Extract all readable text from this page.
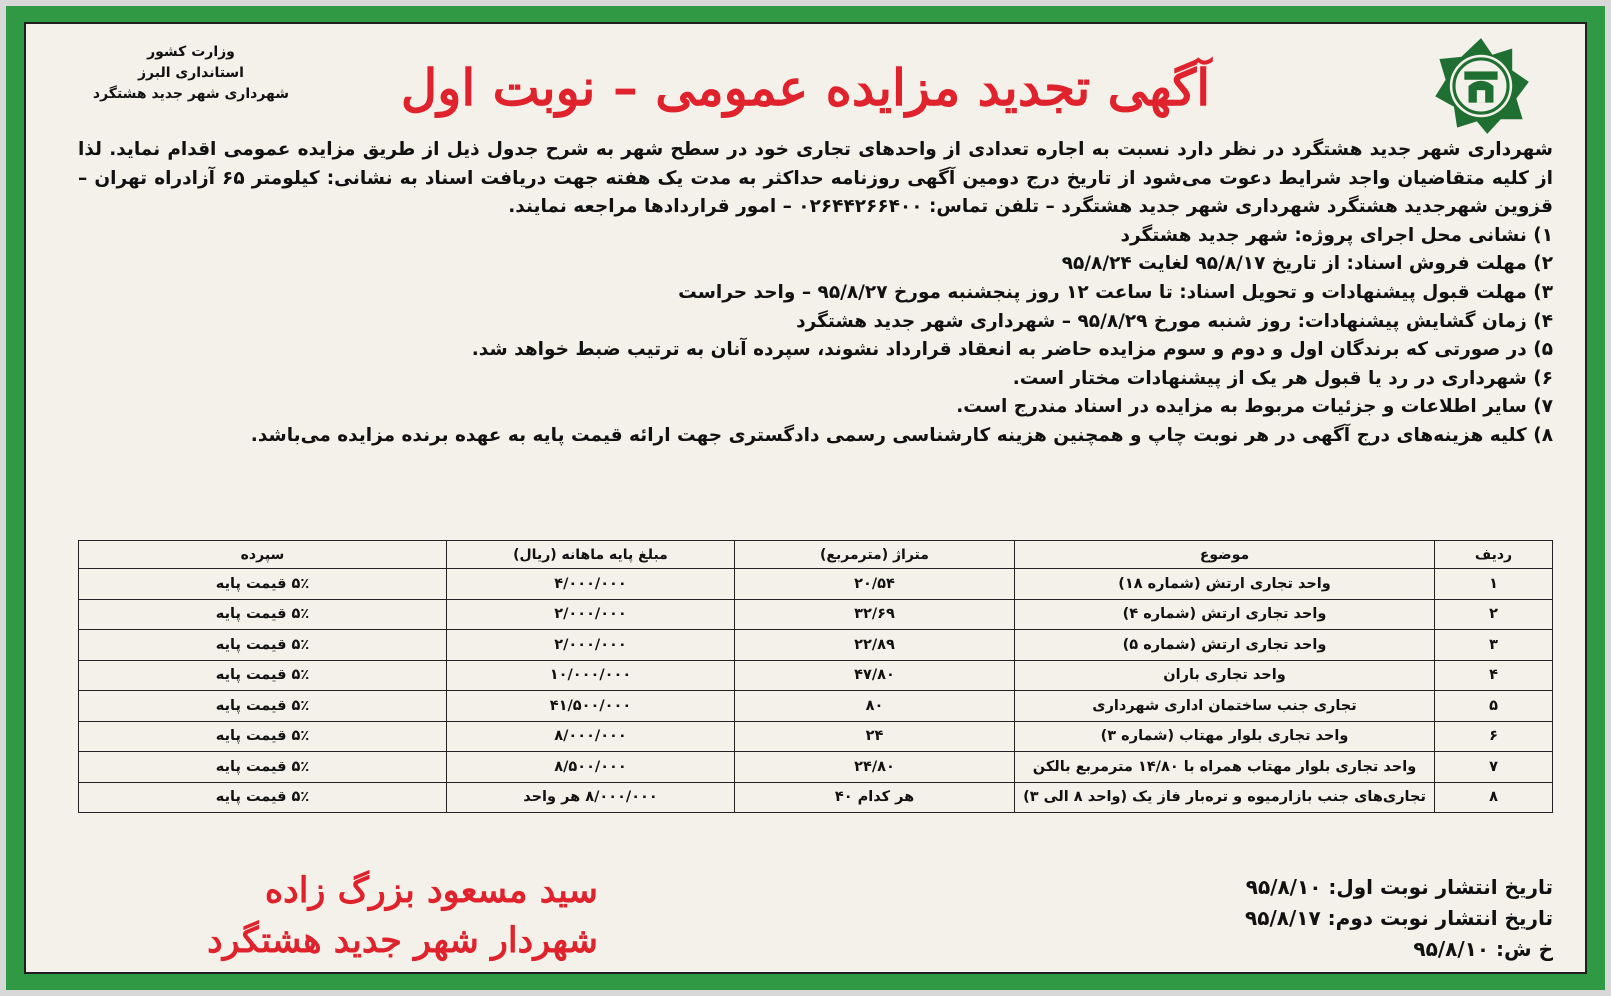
وزارت کشور
استانداری البرز
شهرداری شهر جدید هشتگرد آگهی تجدید مزایده عمومی – نوبت اول

شهرداری شهر جدید هشتگرد در نظر دارد نسبت به اجاره تعدادی از واحدهای تجاری خود در سطح شهر به شرح جدول ذیل از طریق مزایده عمومی اقدام نماید. لذا از کلیه متقاضیان واجد شرایط دعوت می‌شود از تاریخ درج دومین آگهی روزنامه حداکثر به مدت یک هفته جهت دریافت اسناد به نشانی: کیلومتر ۶۵ آزادراه تهران – قزوین شهرجدید هشتگرد شهرداری شهر جدید هشتگرد – تلفن تماس: ۰۲۶۴۴۲۶۶۴۰۰ – امور قراردادها مراجعه نمایند.

۱) نشانی محل اجرای پروژه: شهر جدید هشتگرد
۲) مهلت فروش اسناد: از تاریخ ۹۵/۸/۱۷ لغایت ۹۵/۸/۲۴
۳) مهلت قبول پیشنهادات و تحویل اسناد: تا ساعت ۱۲ روز پنجشنبه مورخ ۹۵/۸/۲۷ – واحد حراست
۴) زمان گشایش پیشنهادات: روز شنبه مورخ ۹۵/۸/۲۹ – شهرداری شهر جدید هشتگرد
۵) در صورتی که برندگان اول و دوم و سوم مزایده حاضر به انعقاد قرارداد نشوند، سپرده آنان به ترتیب ضبط خواهد شد.
۶) شهرداری در رد یا قبول هر یک از پیشنهادات مختار است.
۷) سایر اطلاعات و جزئیات مربوط به مزایده در اسناد مندرج است.
۸) کلیه هزینه‌های درج آگهی در هر نوبت چاپ و همچنین هزینه کارشناسی رسمی دادگستری جهت ارائه قیمت پایه به عهده برنده مزایده می‌باشد.
ردیف	موضوع	متراژ (مترمربع)	مبلغ پایه ماهانه (ریال)	سپرده
۱	واحد تجاری ارتش (شماره ۱۸)	۲۰/۵۴	۴/۰۰۰/۰۰۰	۵٪ قیمت پایه
۲	واحد تجاری ارتش (شماره ۴)	۳۲/۶۹	۲/۰۰۰/۰۰۰	۵٪ قیمت پایه
۳	واحد تجاری ارتش (شماره ۵)	۲۲/۸۹	۲/۰۰۰/۰۰۰	۵٪ قیمت پایه
۴	واحد تجاری باران	۴۷/۸۰	۱۰/۰۰۰/۰۰۰	۵٪ قیمت پایه
۵	تجاری جنب ساختمان اداری شهرداری	۸۰	۴۱/۵۰۰/۰۰۰	۵٪ قیمت پایه
۶	واحد تجاری بلوار مهتاب (شماره ۳)	۲۴	۸/۰۰۰/۰۰۰	۵٪ قیمت پایه
۷	واحد تجاری بلوار مهتاب همراه با ۱۴/۸۰ مترمربع بالکن	۲۴/۸۰	۸/۵۰۰/۰۰۰	۵٪ قیمت پایه
۸	تجاری‌های جنب بازارمیوه و تره‌بار فاز یک (واحد ۸ الی ۳)	هر کدام ۴۰	۸/۰۰۰/۰۰۰ هر واحد	۵٪ قیمت پایه
تاریخ انتشار نوبت اول: ۹۵/۸/۱۰
تاریخ انتشار نوبت دوم: ۹۵/۸/۱۷
خ ش: ۹۵/۸/۱۰
سید مسعود بزرگ زاده
شهردار شهر جدید هشتگرد
